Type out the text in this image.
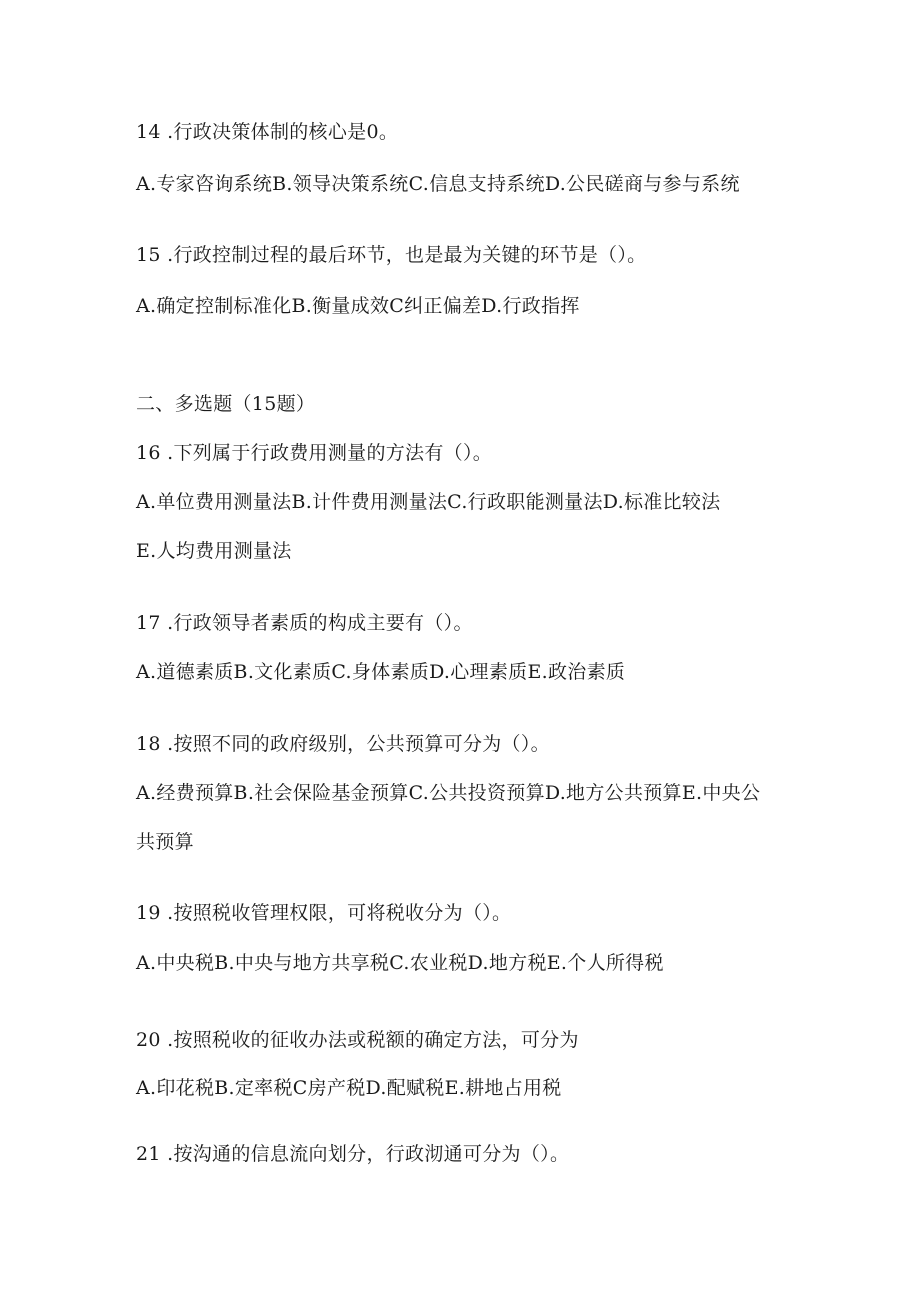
14 .行政决策体制的核心是0。
A.专家咨询系统B.领导决策系统C.信息支持系统D.公民磋商与参与系统
15 .行政控制过程的最后环节，也是最为关键的环节是（）。
A.确定控制标准化B.衡量成效C纠正偏差D.行政指挥
二、多选题（15题）
16 .下列属于行政费用测量的方法有（）。
A.单位费用测量法B.计件费用测量法C.行政职能测量法D.标准比较法
E.人均费用测量法
17 .行政领导者素质的构成主要有（）。
A.道德素质B.文化素质C.身体素质D.心理素质E.政治素质
18 .按照不同的政府级别，公共预算可分为（）。
A.经费预算B.社会保险基金预算C.公共投资预算D.地方公共预算E.中央公
共预算
19 .按照税收管理权限，可将税收分为（）。
A.中央税B.中央与地方共享税C.农业税D.地方税E.个人所得税
20 .按照税收的征收办法或税额的确定方法，可分为
A.印花税B.定率税C房产税D.配赋税E.耕地占用税
21 .按沟通的信息流向划分，行政沏通可分为（）。
